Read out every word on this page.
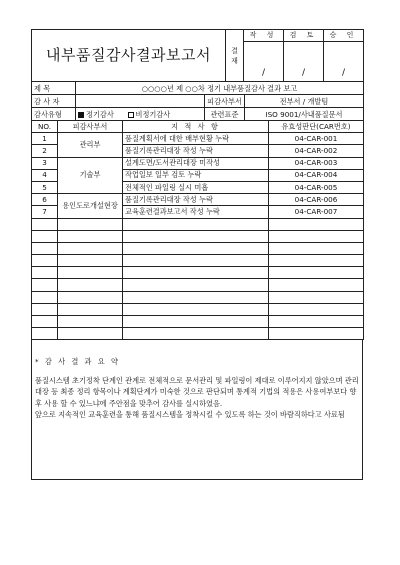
내부품질감사결과보고서	결
재	작 성	검 토	승 인
		/	/	/
제 목	○○○○년 제 ○○차 정기 내부품질감사 결과 보고		
감 사 자		피감사부서	전부서 / 개발팀
감사유형	정기감사 비정기감사	관련표준	ISO 9001/사내품질문서
NO.	피감사부서	지 적 사 항	유효성판단(CAR번호)
1	관리부	품질계획서에 대한 배부현황 누락	04-CAR-001
2		품질기록관리대장 작성 누락	04-CAR-002
3	기술부	설계도면/도서관리대장 미작성	04-CAR-003
4		작업일보 일부 검토 누락	04-CAR-004
5		전체적인 파일링 실시 미흡	04-CAR-005
6	용인도로개설현장	품질기록관리대장 작성 누락	04-CAR-006
7		교육훈련결과보고서 작성 누락	04-CAR-007

* 감 사 결 과 요 약
품질시스템 초기정착 단계인 관계로 전체적으로 문서관리 및 파일링이 제대로 이루어지지 않았으며 관리대장 등 최종 정리 항목이나 계획단계가 미숙한 것으로 판단되며 통계적 기법의 적용은 사용여부보다 향후 사용 할 수 있느냐에 주안점을 맞추어 감사를 실시하였음.
앞으로 지속적인 교육훈련을 통해 품질시스템을 정착시킬 수 있도록 하는 것이 바람직하다고 사료됨
